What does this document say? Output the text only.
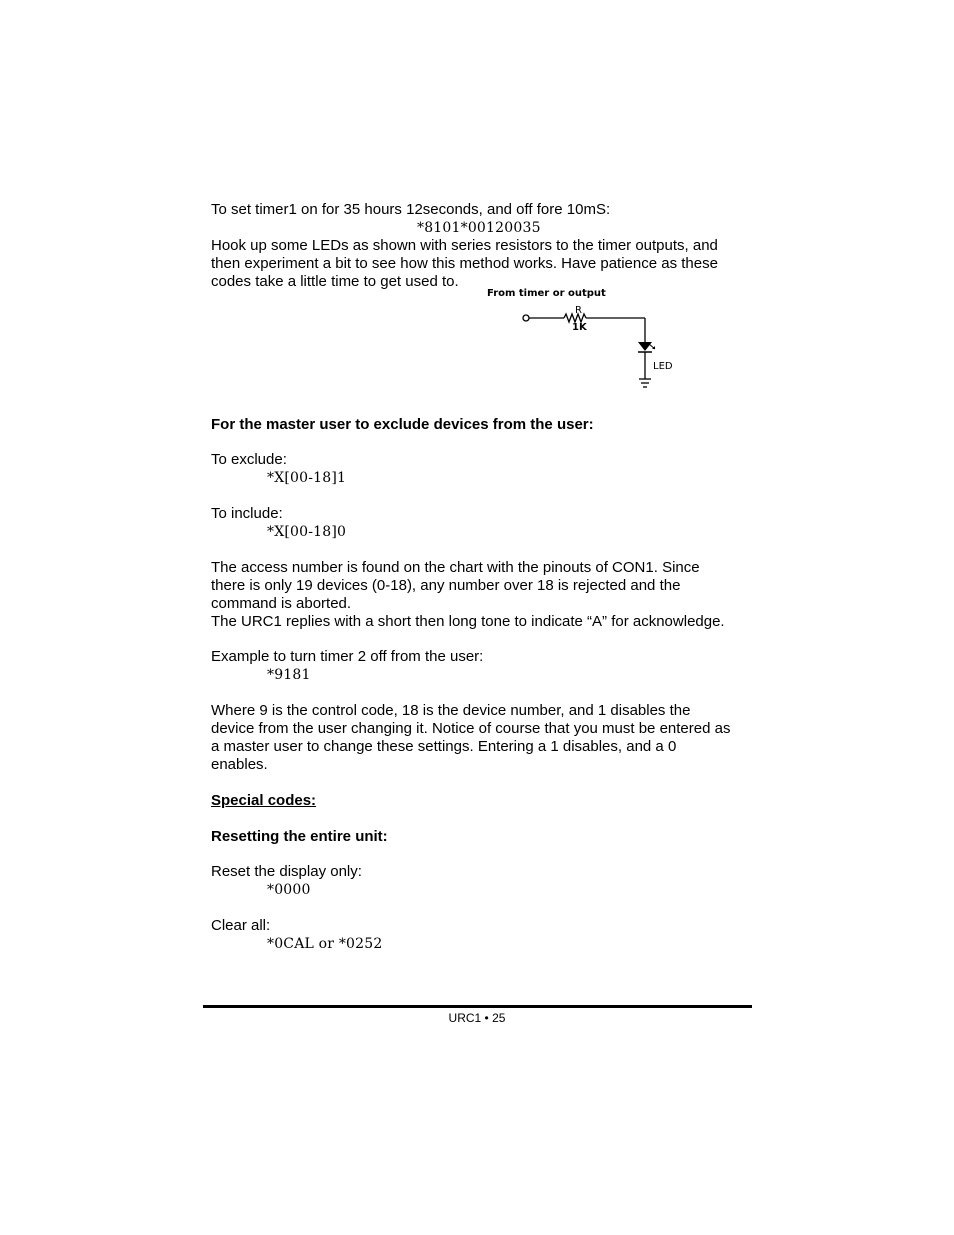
To set timer1 on for 35 hours 12seconds, and off fore 10mS:
*8101*00120035
Hook up some LEDs as shown with series resistors to the timer outputs, and
then experiment a bit to see how this method works. Have patience as these
codes take a little time to get used to.
From timer or output
R
1K
LED
For the master user to exclude devices from the user:
To exclude:
*X[00-18]1
To include:
*X[00-18]0
The access number is found on the chart with the pinouts of CON1. Since
there is only 19 devices (0-18), any number over 18 is rejected and the
command is aborted.
The URC1 replies with a short then long tone to indicate “A” for acknowledge.
Example to turn timer 2 off from the user:
*9181
Where 9 is the control code, 18 is the device number, and 1 disables the
device from the user changing it. Notice of course that you must be entered as
a master user to change these settings. Entering a 1 disables, and a 0
enables.
Special codes:
Resetting the entire unit:
Reset the display only:
*0000
Clear all:
*0CAL or *0252
URC1 • 25
